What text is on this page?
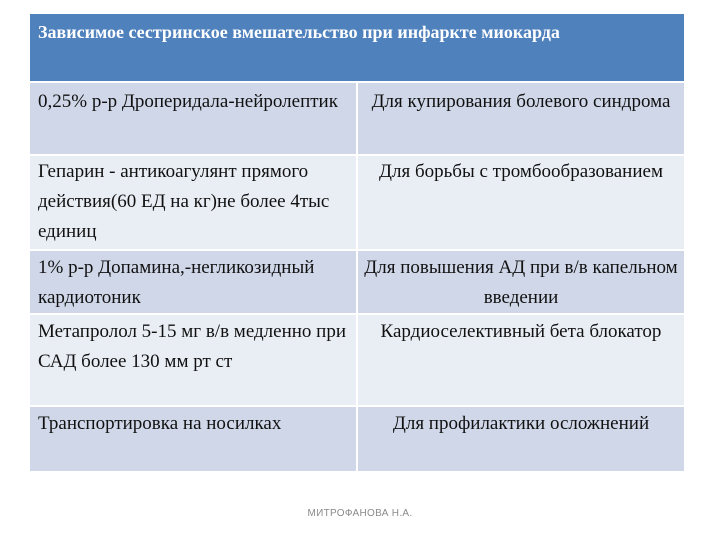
Зависимое сестринское вмешательство при инфаркте миокарда	

0,25% р-р Дроперидала-нейролептик	Для купирования болевого синдрома
Гепарин - антикоагулянт прямого действия(60 ЕД на кг)не более 4тыс единиц	Для борьбы с тромбообразованием
1% р-р Допамина,-негликозидный кардиотоник	Для повышения АД при в/в капельном введении
Метапролол 5-15 мг в/в медленно при САД более 130 мм рт ст	Кардиоселективный бета блокатор
Транспортировка на носилках	Для профилактики осложнений
МИТРОФАНОВА Н.А.
